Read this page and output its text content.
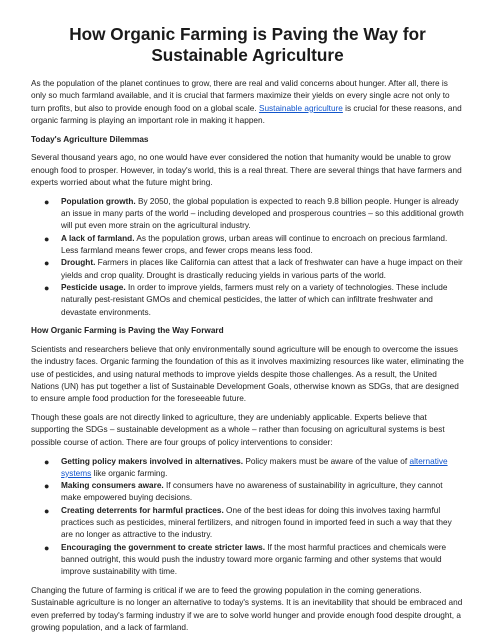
How Organic Farming is Paving the Way for Sustainable Agriculture

As the population of the planet continues to grow, there are real and valid concerns about hunger. After all, there is only so much farmland available, and it is crucial that farmers maximize their yields on every single acre not only to turn profits, but also to provide enough food on a global scale. Sustainable agriculture is crucial for these reasons, and organic farming is playing an important role in making it happen.

Today's Agriculture Dilemmas

Several thousand years ago, no one would have ever considered the notion that humanity would be unable to grow enough food to prosper. However, in today's world, this is a real threat. There are several things that have farmers and experts worried about what the future might bring.

● Population growth. By 2050, the global population is expected to reach 9.8 billion people. Hunger is already an issue in many parts of the world – including developed and prosperous countries – so this additional growth will put even more strain on the agricultural industry.
● A lack of farmland. As the population grows, urban areas will continue to encroach on precious farmland. Less farmland means fewer crops, and fewer crops means less food.
● Drought. Farmers in places like California can attest that a lack of freshwater can have a huge impact on their yields and crop quality. Drought is drastically reducing yields in various parts of the world.
● Pesticide usage. In order to improve yields, farmers must rely on a variety of technologies. These include naturally pest-resistant GMOs and chemical pesticides, the latter of which can infiltrate freshwater and devastate environments.

How Organic Farming is Paving the Way Forward

Scientists and researchers believe that only environmentally sound agriculture will be enough to overcome the issues the industry faces. Organic farming the foundation of this as it involves maximizing resources like water, eliminating the use of pesticides, and using natural methods to improve yields despite those challenges. As a result, the United Nations (UN) has put together a list of Sustainable Development Goals, otherwise known as SDGs, that are designed to ensure ample food production for the foreseeable future.

Though these goals are not directly linked to agriculture, they are undeniably applicable. Experts believe that supporting the SDGs – sustainable development as a whole – rather than focusing on agricultural systems is best possible course of action. There are four groups of policy interventions to consider:

● Getting policy makers involved in alternatives. Policy makers must be aware of the value of alternative systems like organic farming.
● Making consumers aware. If consumers have no awareness of sustainability in agriculture, they cannot make empowered buying decisions.
● Creating deterrents for harmful practices. One of the best ideas for doing this involves taxing harmful practices such as pesticides, mineral fertilizers, and nitrogen found in imported feed in such a way that they are no longer as attractive to the industry.
● Encouraging the government to create stricter laws. If the most harmful practices and chemicals were banned outright, this would push the industry toward more organic farming and other systems that would improve sustainability with time.

Changing the future of farming is critical if we are to feed the growing population in the coming generations. Sustainable agriculture is no longer an alternative to today's systems. It is an inevitability that should be embraced and even preferred by today's farming industry if we are to solve world hunger and provide enough food despite drought, a growing population, and a lack of farmland.
